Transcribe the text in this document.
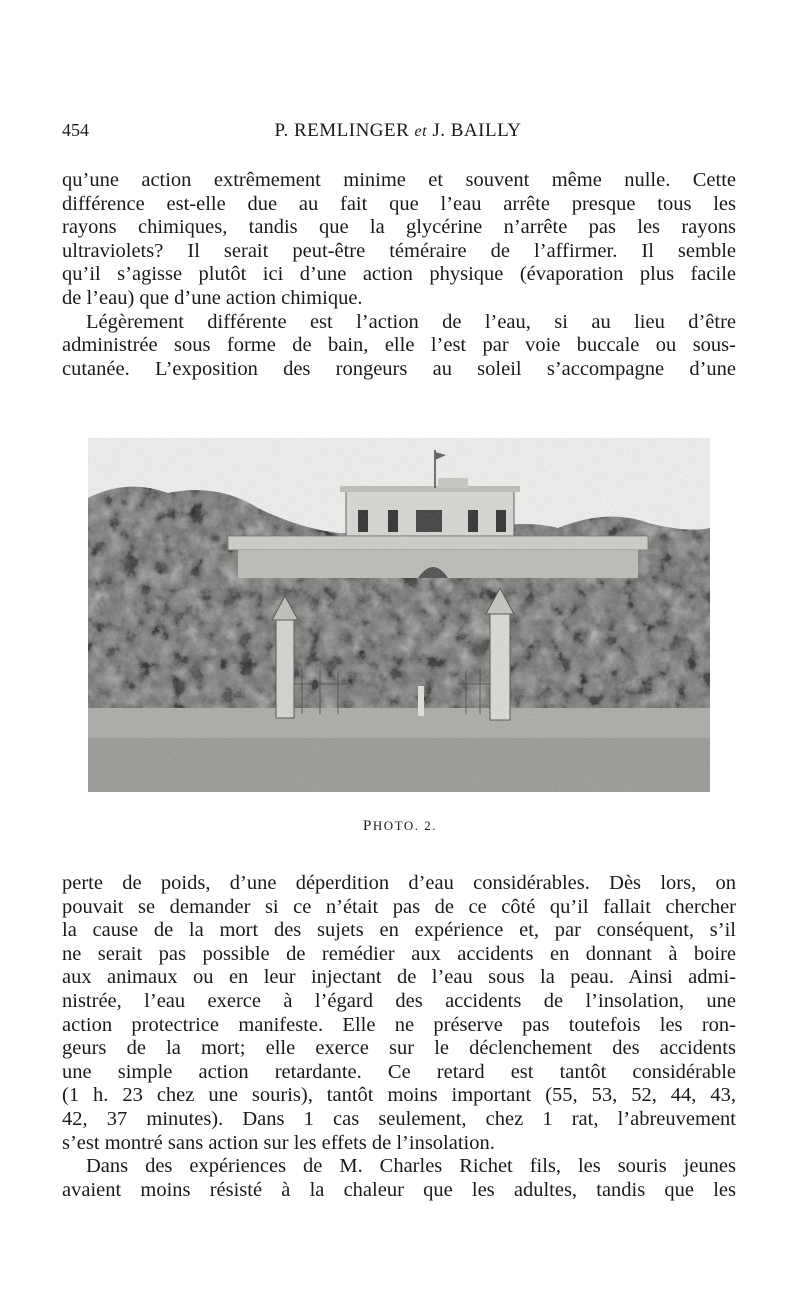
454	P. REMLINGER et J. BAILLY
qu’une action extrêmement minime et souvent même nulle. Cette
différence est-elle due au fait que l’eau arrête presque tous les
rayons chimiques, tandis que la glycérine n’arrête pas les rayons
ultraviolets? Il serait peut-être téméraire de l’affirmer. Il semble
qu’il s’agisse plutôt ici d’une action physique (évaporation plus facile
de l’eau) que d’une action chimique.
Légèrement différente est l’action de l’eau, si au lieu d’être
administrée sous forme de bain, elle l’est par voie buccale ou sous-
cutanée. L’exposition des rongeurs au soleil s’accompagne d’une
PHOTO. 2.
perte de poids, d’une déperdition d’eau considérables. Dès lors, on
pouvait se demander si ce n’était pas de ce côté qu’il fallait chercher
la cause de la mort des sujets en expérience et, par conséquent, s’il
ne serait pas possible de remédier aux accidents en donnant à boire
aux animaux ou en leur injectant de l’eau sous la peau. Ainsi admi-
nistrée, l’eau exerce à l’égard des accidents de l’insolation, une
action protectrice manifeste. Elle ne préserve pas toutefois les ron-
geurs de la mort; elle exerce sur le déclenchement des accidents
une simple action retardante. Ce retard est tantôt considérable
(1 h. 23 chez une souris), tantôt moins important (55, 53, 52, 44, 43,
42, 37 minutes). Dans 1 cas seulement, chez 1 rat, l’abreuvement
s’est montré sans action sur les effets de l’insolation.
Dans des expériences de M. Charles Richet fils, les souris jeunes
avaient moins résisté à la chaleur que les adultes, tandis que les
